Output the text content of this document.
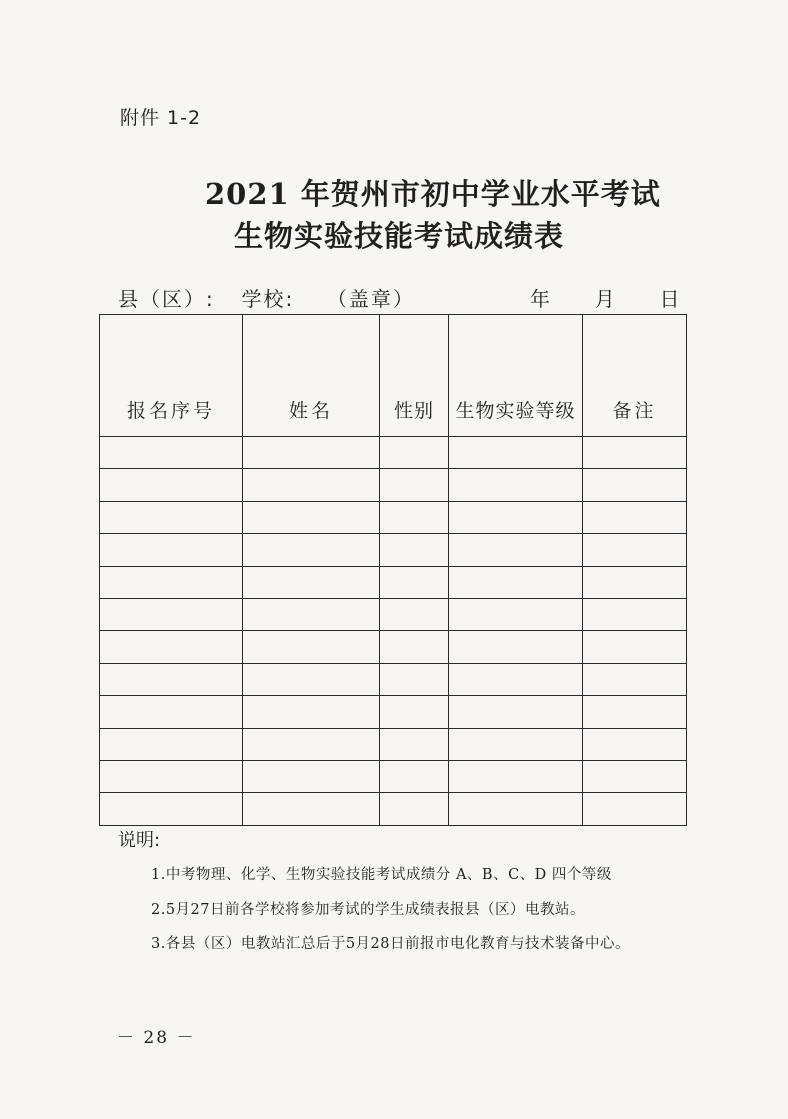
附件 1-2
2021 年贺州市初中学业水平考试
生物实验技能考试成绩表
县（区）: 学校: （盖章）	年 月 日
报名序号	姓名	性别	生物实验等级	备注

说明:
1.中考物理、化学、生物实验技能考试成绩分 A、B、C、D 四个等级
2.5月27日前各学校将参加考试的学生成绩表报县（区）电教站。
3.各县（区）电教站汇总后于5月28日前报市电化教育与技术装备中心。
－ 28 －
